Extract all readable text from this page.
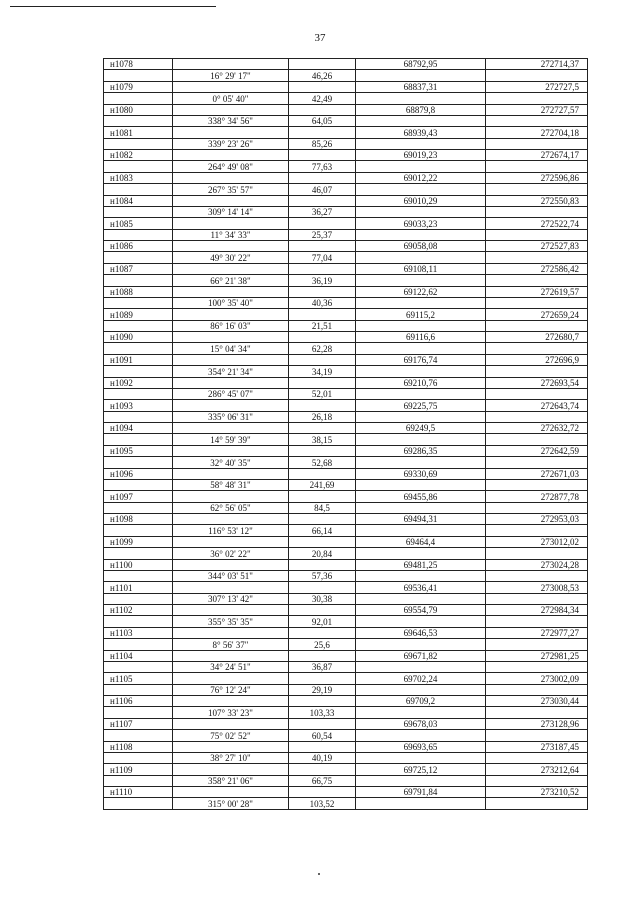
37
н1078			68792,95	272714,37
	16° 29' 17"	46,26		
н1079			68837,31	272727,5
	0° 05' 40"	42,49		
н1080			68879,8	272727,57
	338° 34' 56"	64,05		
н1081			68939,43	272704,18
	339° 23' 26"	85,26		
н1082			69019,23	272674,17
	264° 49' 08"	77,63		
н1083			69012,22	272596,86
	267° 35' 57"	46,07		
н1084			69010,29	272550,83
	309° 14' 14"	36,27		
н1085			69033,23	272522,74
	11° 34' 33"	25,37		
н1086			69058,08	272527,83
	49° 30' 22"	77,04		
н1087			69108,11	272586,42
	66° 21' 38"	36,19		
н1088			69122,62	272619,57
	100° 35' 40"	40,36		
н1089			69115,2	272659,24
	86° 16' 03"	21,51		
н1090			69116,6	272680,7
	15° 04' 34"	62,28		
н1091			69176,74	272696,9
	354° 21' 34"	34,19		
н1092			69210,76	272693,54
	286° 45' 07"	52,01		
н1093			69225,75	272643,74
	335° 06' 31"	26,18		
н1094			69249,5	272632,72
	14° 59' 39"	38,15		
н1095			69286,35	272642,59
	32° 40' 35"	52,68		
н1096			69330,69	272671,03
	58° 48' 31"	241,69		
н1097			69455,86	272877,78
	62° 56' 05"	84,5		
н1098			69494,31	272953,03
	116° 53' 12"	66,14		
н1099			69464,4	273012,02
	36° 02' 22"	20,84		
н1100			69481,25	273024,28
	344° 03' 51"	57,36		
н1101			69536,41	273008,53
	307° 13' 42"	30,38		
н1102			69554,79	272984,34
	355° 35' 35"	92,01		
н1103			69646,53	272977,27
	8° 56' 37"	25,6		
н1104			69671,82	272981,25
	34° 24' 51"	36,87		
н1105			69702,24	273002,09
	76° 12' 24"	29,19		
н1106			69709,2	273030,44
	107° 33' 23"	103,33		
н1107			69678,03	273128,96
	75° 02' 52"	60,54		
н1108			69693,65	273187,45
	38° 27' 10"	40,19		
н1109			69725,12	273212,64
	358° 21' 06"	66,75		
н1110			69791,84	273210,52
	315° 00' 28"	103,52		
